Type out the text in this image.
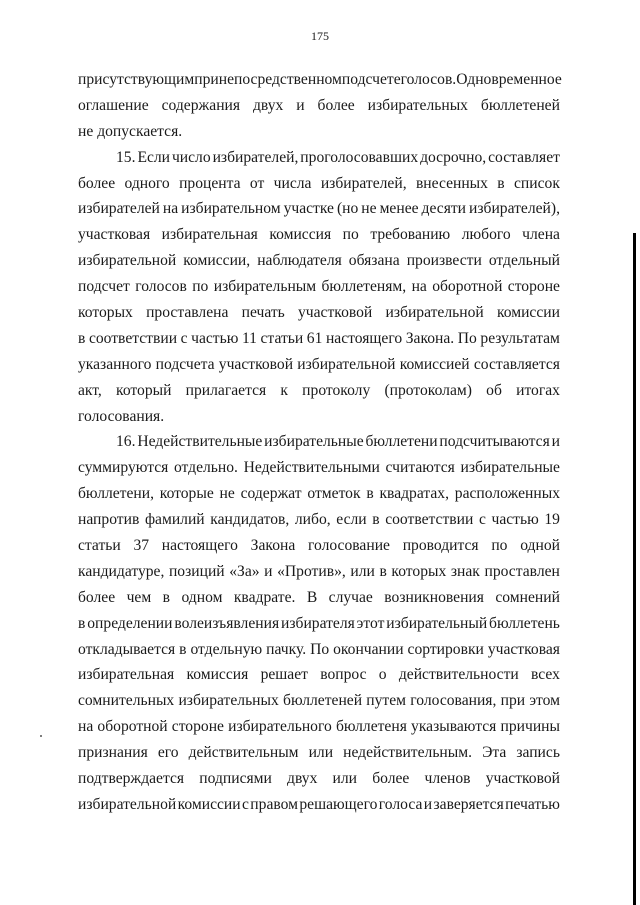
175
присутствующим при непосредственном подсчете голосов. Одновременное
оглашение содержания двух и более избирательных бюллетеней
не
допускается.
15. Если число избирателей, проголосовавших досрочно, составляет
более одного процента от числа избирателей, внесенных в список
избирателей на избирательном участке (но не менее десяти избирателей),
участковая избирательная комиссия по требованию любого члена
избирательной комиссии, наблюдателя обязана произвести отдельный
подсчет голосов по избирательным бюллетеням, на оборотной стороне
которых проставлена печать участковой избирательной комиссии
в соответствии с частью 11 статьи 61 настоящего Закона. По результатам
указанного подсчета участковой избирательной комиссией составляется
акт, который прилагается к протоколу (протоколам) об итогах
голосования.
16. Недействительные избирательные бюллетени подсчитываются и
суммируются отдельно. Недействительными считаются избирательные
бюллетени, которые не содержат отметок в квадратах, расположенных
напротив фамилий кандидатов, либо, если в соответствии с частью 19
статьи 37 настоящего Закона голосование проводится по одной
кандидатуре, позиций «За» и «Против», или в которых знак проставлен
более чем в одном квадрате. В случае возникновения сомнений
в определении волеизъявления избирателя этот избирательный бюллетень
откладывается в отдельную пачку. По окончании сортировки участковая
избирательная комиссия решает вопрос о действительности всех
сомнительных избирательных бюллетеней путем голосования, при этом
на оборотной стороне избирательного бюллетеня указываются причины
признания его действительным или недействительным. Эта запись
подтверждается подписями двух или более членов участковой
избирательной комиссии с правом решающего голоса и заверяется печатью
